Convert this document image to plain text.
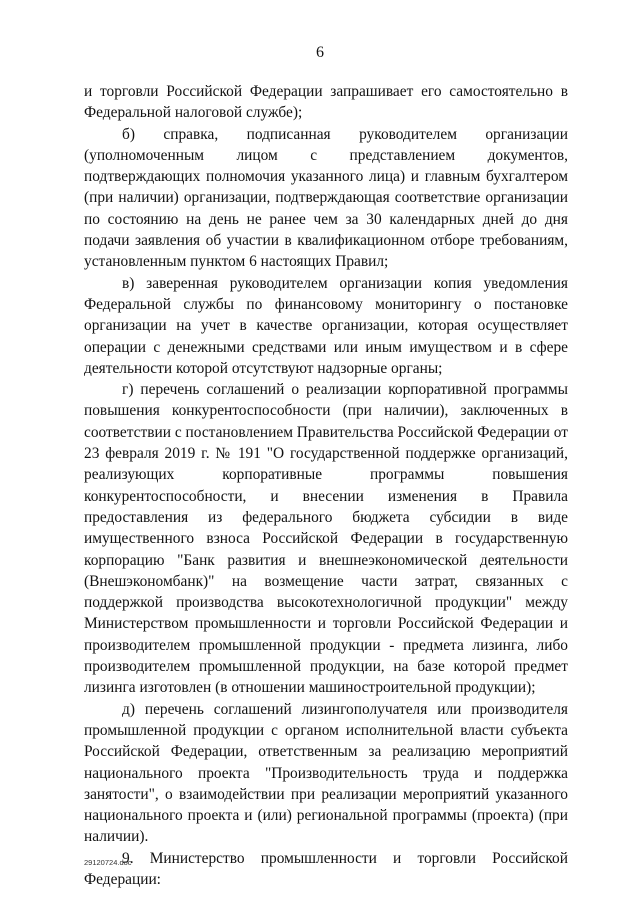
6

и торговли Российской Федерации запрашивает его самостоятельно в Федеральной налоговой службе);

б) справка, подписанная руководителем организации (уполномоченным лицом с представлением документов, подтверждающих полномочия указанного лица) и главным бухгалтером (при наличии) организации, подтверждающая соответствие организации по состоянию на день не ранее чем за 30 календарных дней до дня подачи заявления об участии в квалификационном отборе требованиям, установленным пунктом 6 настоящих Правил;

в) заверенная руководителем организации копия уведомления Федеральной службы по финансовому мониторингу о постановке организации на учет в качестве организации, которая осуществляет операции с денежными средствами или иным имуществом и в сфере деятельности которой отсутствуют надзорные органы;

г) перечень соглашений о реализации корпоративной программы повышения конкурентоспособности (при наличии), заключенных в соответствии с постановлением Правительства Российской Федерации от 23 февраля 2019 г. № 191 "О государственной поддержке организаций, реализующих корпоративные программы повышения конкурентоспособности, и внесении изменения в Правила предоставления из федерального бюджета субсидии в виде имущественного взноса Российской Федерации в государственную корпорацию "Банк развития и внешнеэкономической деятельности (Внешэкономбанк)" на возмещение части затрат, связанных с поддержкой производства высокотехнологичной продукции" между Министерством промышленности и торговли Российской Федерации и производителем промышленной продукции - предмета лизинга, либо производителем промышленной продукции, на базе которой предмет лизинга изготовлен (в отношении машиностроительной продукции);

д) перечень соглашений лизингополучателя или производителя промышленной продукции с органом исполнительной власти субъекта Российской Федерации, ответственным за реализацию мероприятий национального проекта "Производительность труда и поддержка занятости", о взаимодействии при реализации мероприятий указанного национального проекта и (или) региональной программы (проекта) (при наличии).

9. Министерство промышленности и торговли Российской Федерации:

29120724.doc
